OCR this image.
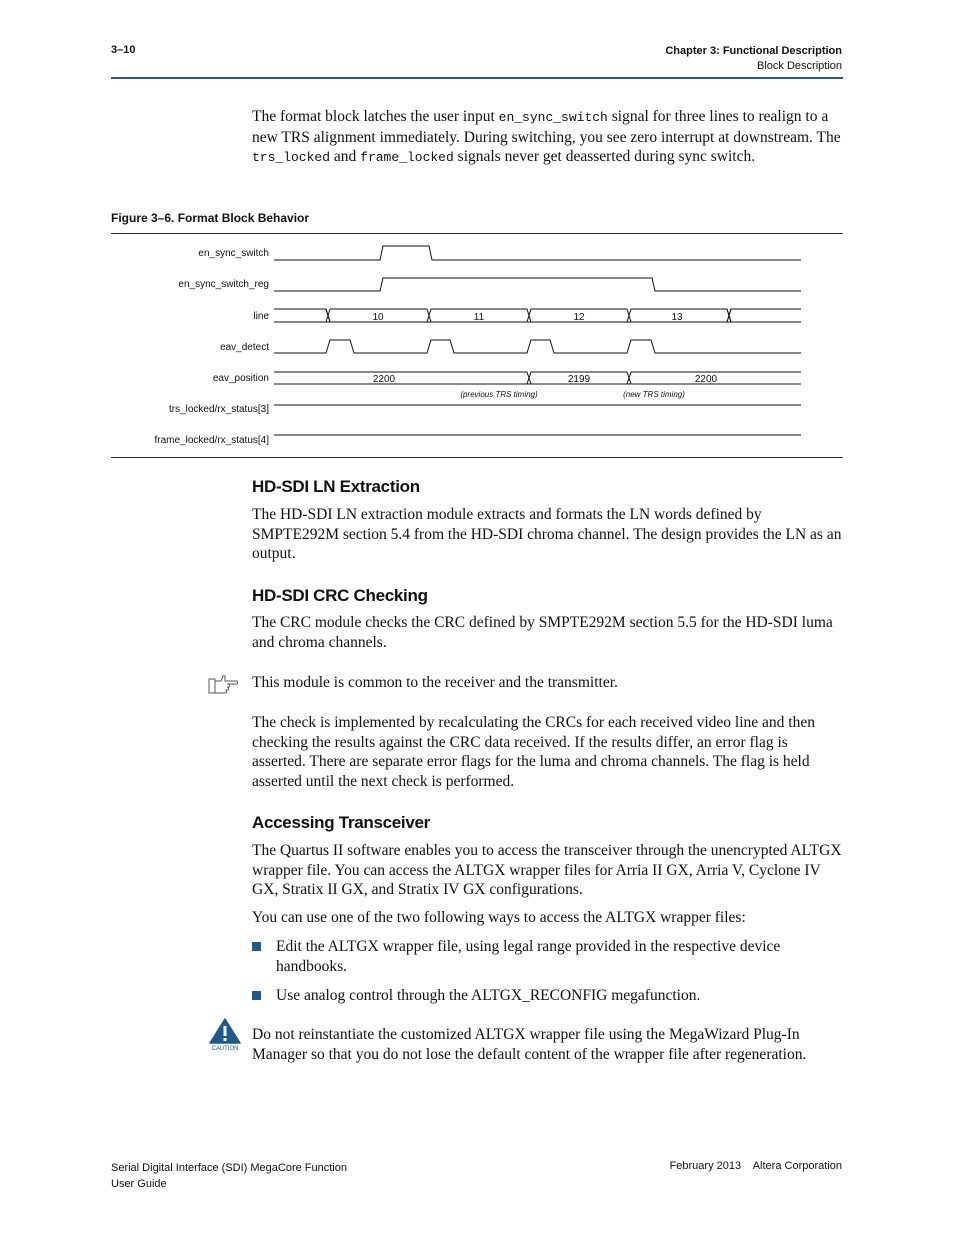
3–10	Chapter 3: Functional Description
Block Description
The format block latches the user input en_sync_switch signal for three lines to realign to a new TRS alignment immediately. During switching, you see zero interrupt at downstream. The trs_locked and frame_locked signals never get deasserted during sync switch.
Figure 3–6. Format Block Behavior
en_sync_switch
en_sync_switch_reg
line
eav_detect
eav_position
trs_locked/rx_status[3]
frame_locked/rx_status[4]
10	11	12	13
2200	2199	2200
(previous TRS timing)	(new TRS timing)
HD-SDI LN Extraction
The HD-SDI LN extraction module extracts and formats the LN words defined by SMPTE292M section 5.4 from the HD-SDI chroma channel. The design provides the LN as an output.
HD-SDI CRC Checking
The CRC module checks the CRC defined by SMPTE292M section 5.5 for the HD-SDI luma and chroma channels.
This module is common to the receiver and the transmitter.
The check is implemented by recalculating the CRCs for each received video line and then checking the results against the CRC data received. If the results differ, an error flag is asserted. There are separate error flags for the luma and chroma channels. The flag is held asserted until the next check is performed.
Accessing Transceiver
The Quartus II software enables you to access the transceiver through the unencrypted ALTGX wrapper file. You can access the ALTGX wrapper files for Arria II GX, Arria V, Cyclone IV GX, Stratix II GX, and Stratix IV GX configurations.
You can use one of the two following ways to access the ALTGX wrapper files:
Edit the ALTGX wrapper file, using legal range provided in the respective device handbooks.
Use analog control through the ALTGX_RECONFIG megafunction.
CAUTION
Do not reinstantiate the customized ALTGX wrapper file using the MegaWizard Plug-In Manager so that you do not lose the default content of the wrapper file after regeneration.
Serial Digital Interface (SDI) MegaCore Function
User Guide
February 2013    Altera Corporation
